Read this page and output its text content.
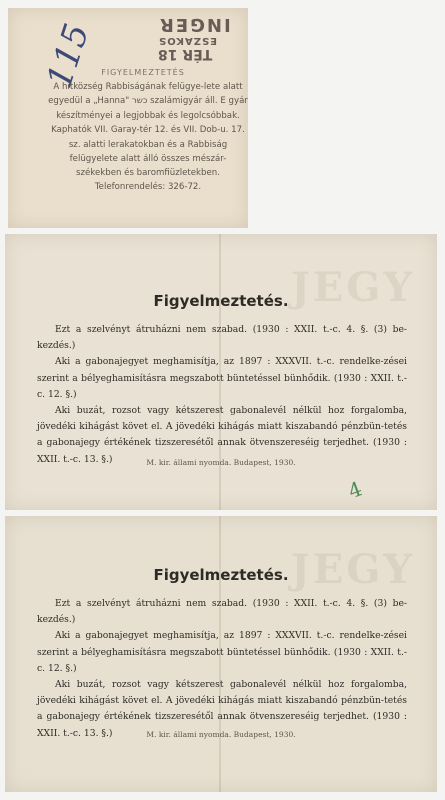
115	TÉR 18
ESZAKOS
INGER
FIGYELMEZTETÉS
A hitközség Rabbiságának felügye-lete alatt egyedül a „Hanna" כשר szalámigyár áll. E gyár készítményei a legjobbak és legolcsóbbak. Kaphatók VII. Garay-tér 12. és VII. Dob-u. 17. sz. alatti lerakatokban és a Rabbiság felügyelete alatt álló összes mészár-székekben és baromfiüzletekben.
Telefonrendelés: 326-72.
JEGY
Figyelmeztetés.

Ezt a szelvényt átruházni nem szabad. (1930 : XXII. t.-c. 4. §. (3) be-kezdés.)

Aki a gabonajegyet meghamisítja, az 1897 : XXXVII. t.-c. rendelke-zései szerint a bélyeghamisításra megszabott büntetéssel bünhődik. (1930 : XXII. t.-c. 12. §.)

Aki buzát, rozsot vagy kétszerest gabonalevél nélkül hoz forgalomba, jövedéki kihágást követ el. A jövedéki kihágás miatt kiszabandó pénzbün-tetés a gabonajegy értékének tizszeresétől annak ötvenszereséig terjedhet. (1930 : XXII. t.-c. 13. §.)	M. kir. állami nyomda. Budapest, 1930.
4
JEGY
Figyelmeztetés.

Ezt a szelvényt átruházni nem szabad. (1930 : XXII. t.-c. 4. §. (3) be-kezdés.)

Aki a gabonajegyet meghamisítja, az 1897 : XXXVII. t.-c. rendelke-zései szerint a bélyeghamisításra megszabott büntetéssel bünhődik. (1930 : XXII. t.-c. 12. §.)

Aki buzát, rozsot vagy kétszerest gabonalevél nélkül hoz forgalomba, jövedéki kihágást követ el. A jövedéki kihágás miatt kiszabandó pénzbün-tetés a gabonajegy értékének tizszeresétől annak ötvenszereséig terjedhet. (1930 : XXII. t.-c. 13. §.)	M. kir. állami nyomda. Budapest, 1930.
